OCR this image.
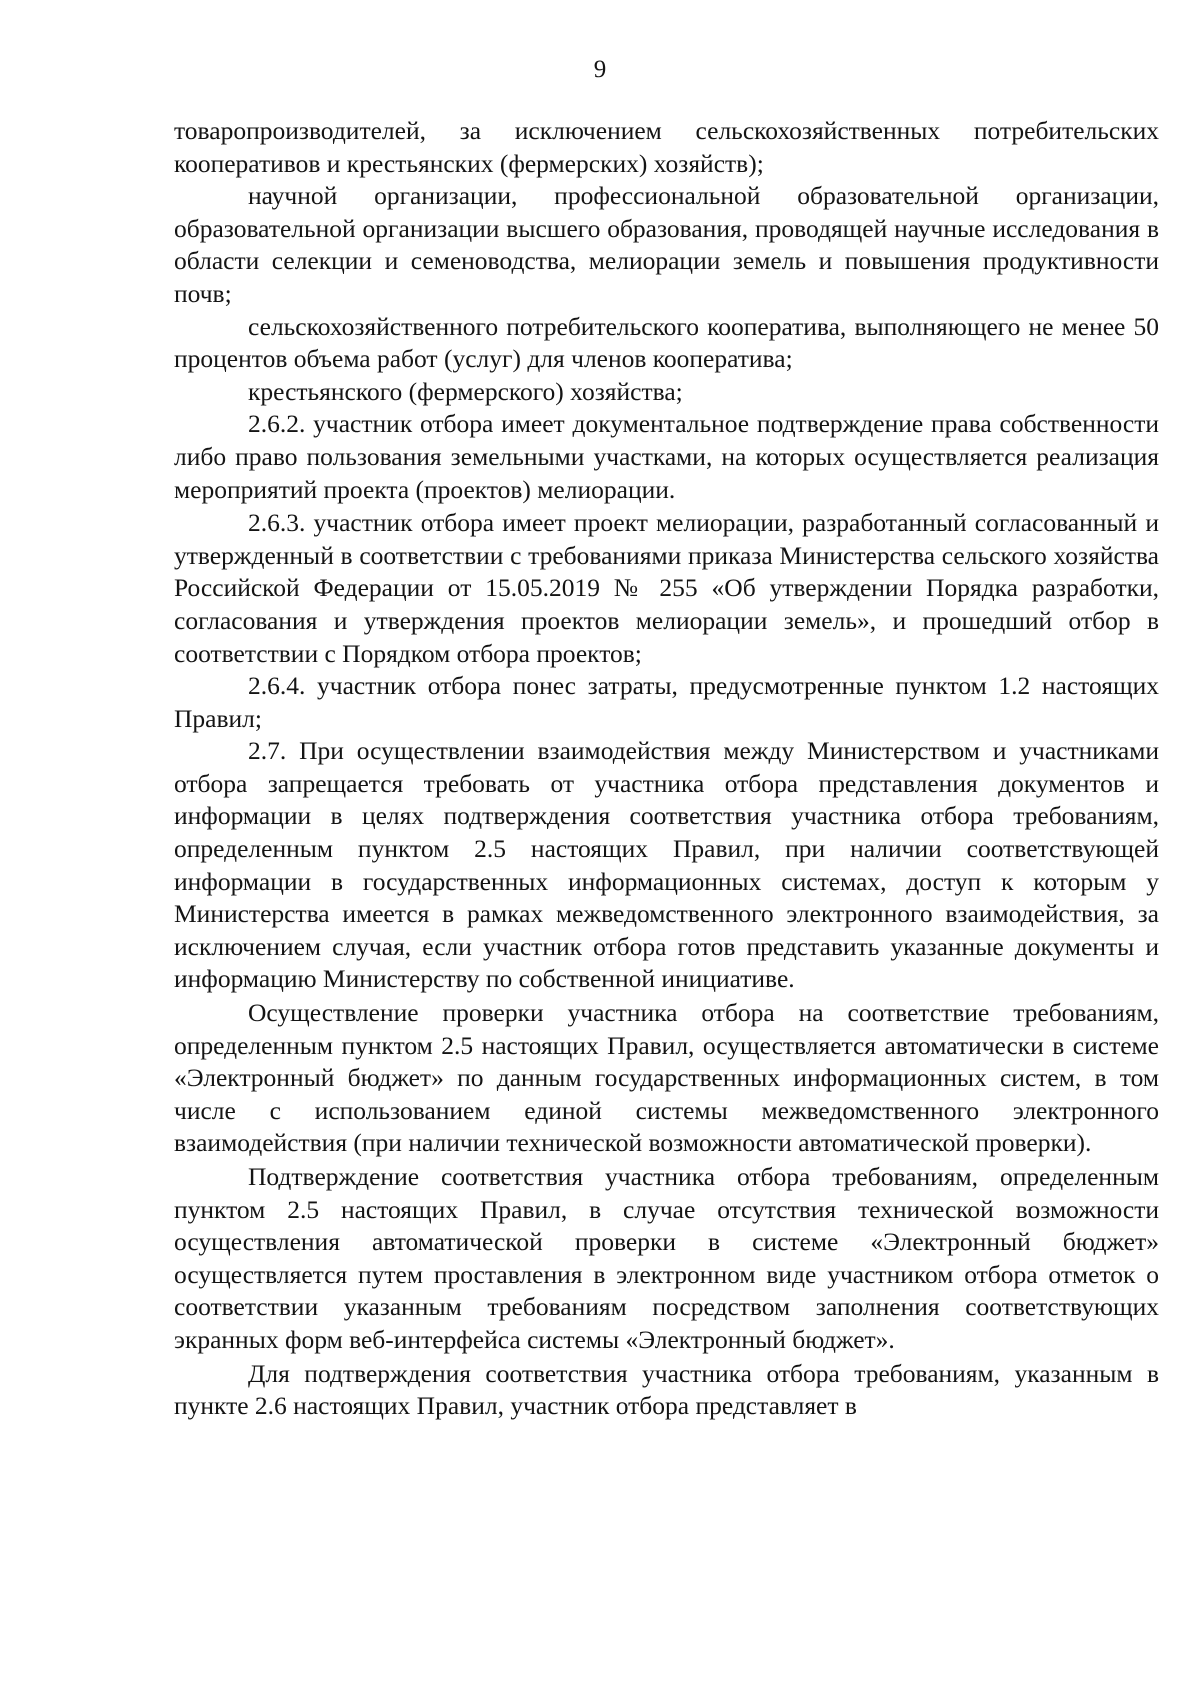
9

товаропроизводителей, за исключением сельскохозяйственных потребительских кооперативов и крестьянских (фермерских) хозяйств);

научной организации, профессиональной образовательной организации, образовательной организации высшего образования, проводящей научные исследования в области селекции и семеноводства, мелиорации земель и повышения продуктивности почв;

сельскохозяйственного потребительского кооператива, выполняющего не менее 50 процентов объема работ (услуг) для членов кооператива;

крестьянского (фермерского) хозяйства;

2.6.2. участник отбора имеет документальное подтверждение права собственности либо право пользования земельными участками, на которых осуществляется реализация мероприятий проекта (проектов) мелиорации.

2.6.3. участник отбора имеет проект мелиорации, разработанный согласованный и утвержденный в соответствии с требованиями приказа Министерства сельского хозяйства Российской Федерации от 15.05.2019 № 255 «Об утверждении Порядка разработки, согласования и утверждения проектов мелиорации земель», и прошедший отбор в соответствии с Порядком отбора проектов;

2.6.4. участник отбора понес затраты, предусмотренные пунктом 1.2 настоящих Правил;

2.7. При осуществлении взаимодействия между Министерством и участниками отбора запрещается требовать от участника отбора представления документов и информации в целях подтверждения соответствия участника отбора требованиям, определенным пунктом 2.5 настоящих Правил, при наличии соответствующей информации в государственных информационных системах, доступ к которым у Министерства имеется в рамках межведомственного электронного взаимодействия, за исключением случая, если участник отбора готов представить указанные документы и информацию Министерству по собственной инициативе.

Осуществление проверки участника отбора на соответствие требованиям, определенным пунктом 2.5 настоящих Правил, осуществляется автоматически в системе «Электронный бюджет» по данным государственных информационных систем, в том числе с использованием единой системы межведомственного электронного взаимодействия (при наличии технической возможности автоматической проверки).

Подтверждение соответствия участника отбора требованиям, определенным пунктом 2.5 настоящих Правил, в случае отсутствия технической возможности осуществления автоматической проверки в системе «Электронный бюджет» осуществляется путем проставления в электронном виде участником отбора отметок о соответствии указанным требованиям посредством заполнения соответствующих экранных форм веб-интерфейса системы «Электронный бюджет».

Для подтверждения соответствия участника отбора требованиям, указанным в пункте 2.6 настоящих Правил, участник отбора представляет в
